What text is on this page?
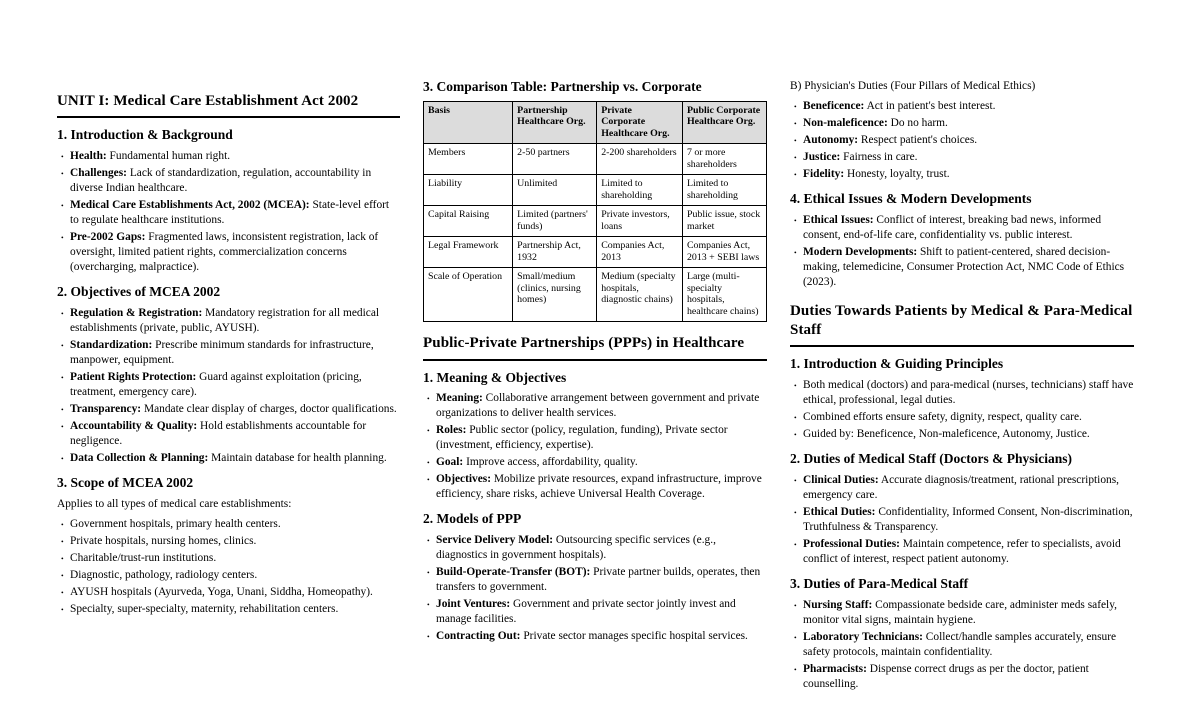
UNIT I: Medical Care Establishment Act 2002
1. Introduction & Background
• Health: Fundamental human right.
• Challenges: Lack of standardization, regulation, accountability in diverse Indian healthcare.
• Medical Care Establishments Act, 2002 (MCEA): State-level effort to regulate healthcare institutions.
• Pre-2002 Gaps: Fragmented laws, inconsistent registration, lack of oversight, limited patient rights, commercialization concerns (overcharging, malpractice).
2. Objectives of MCEA 2002
• Regulation & Registration: Mandatory registration for all medical establishments (private, public, AYUSH).
• Standardization: Prescribe minimum standards for infrastructure, manpower, equipment.
• Patient Rights Protection: Guard against exploitation (pricing, treatment, emergency care).
• Transparency: Mandate clear display of charges, doctor qualifications.
• Accountability & Quality: Hold establishments accountable for negligence.
• Data Collection & Planning: Maintain database for health planning.
3. Scope of MCEA 2002
Applies to all types of medical care establishments:
• Government hospitals, primary health centers.
• Private hospitals, nursing homes, clinics.
• Charitable/trust-run institutions.
• Diagnostic, pathology, radiology centers.
• AYUSH hospitals (Ayurveda, Yoga, Unani, Siddha, Homeopathy).
• Specialty, super-specialty, maternity, rehabilitation centers.
3. Comparison Table: Partnership vs. Corporate
Basis	Partnership Healthcare Org.	Private Corporate Healthcare Org.	Public Corporate Healthcare Org.
Members	2-50 partners	2-200 shareholders	7 or more shareholders
Liability	Unlimited	Limited to shareholding	Limited to shareholding
Capital Raising	Limited (partners' funds)	Private investors, loans	Public issue, stock market
Legal Framework	Partnership Act, 1932	Companies Act, 2013	Companies Act, 2013 + SEBI laws
Scale of Operation	Small/medium (clinics, nursing homes)	Medium (specialty hospitals, diagnostic chains)	Large (multi-specialty hospitals, healthcare chains)
Public-Private Partnerships (PPPs) in Healthcare
1. Meaning & Objectives
• Meaning: Collaborative arrangement between government and private organizations to deliver health services.
• Roles: Public sector (policy, regulation, funding), Private sector (investment, efficiency, expertise).
• Goal: Improve access, affordability, quality.
• Objectives: Mobilize private resources, expand infrastructure, improve efficiency, share risks, achieve Universal Health Coverage.
2. Models of PPP
• Service Delivery Model: Outsourcing specific services (e.g., diagnostics in government hospitals).
• Build-Operate-Transfer (BOT): Private partner builds, operates, then transfers to government.
• Joint Ventures: Government and private sector jointly invest and manage facilities.
• Contracting Out: Private sector manages specific hospital services.
B) Physician's Duties (Four Pillars of Medical Ethics)
• Beneficence: Act in patient's best interest.
• Non-maleficence: Do no harm.
• Autonomy: Respect patient's choices.
• Justice: Fairness in care.
• Fidelity: Honesty, loyalty, trust.
4. Ethical Issues & Modern Developments
• Ethical Issues: Conflict of interest, breaking bad news, informed consent, end-of-life care, confidentiality vs. public interest.
• Modern Developments: Shift to patient-centered, shared decision-making, telemedicine, Consumer Protection Act, NMC Code of Ethics (2023).
Duties Towards Patients by Medical & Para-Medical Staff
1. Introduction & Guiding Principles
• Both medical (doctors) and para-medical (nurses, technicians) staff have ethical, professional, legal duties.
• Combined efforts ensure safety, dignity, respect, quality care.
• Guided by: Beneficence, Non-maleficence, Autonomy, Justice.
2. Duties of Medical Staff (Doctors & Physicians)
• Clinical Duties: Accurate diagnosis/treatment, rational prescriptions, emergency care.
• Ethical Duties: Confidentiality, Informed Consent, Non-discrimination, Truthfulness & Transparency.
• Professional Duties: Maintain competence, refer to specialists, avoid conflict of interest, respect patient autonomy.
3. Duties of Para-Medical Staff
• Nursing Staff: Compassionate bedside care, administer meds safely, monitor vital signs, maintain hygiene.
• Laboratory Technicians: Collect/handle samples accurately, ensure safety protocols, maintain confidentiality.
• Pharmacists: Dispense correct drugs as per the doctor, patient counselling.
